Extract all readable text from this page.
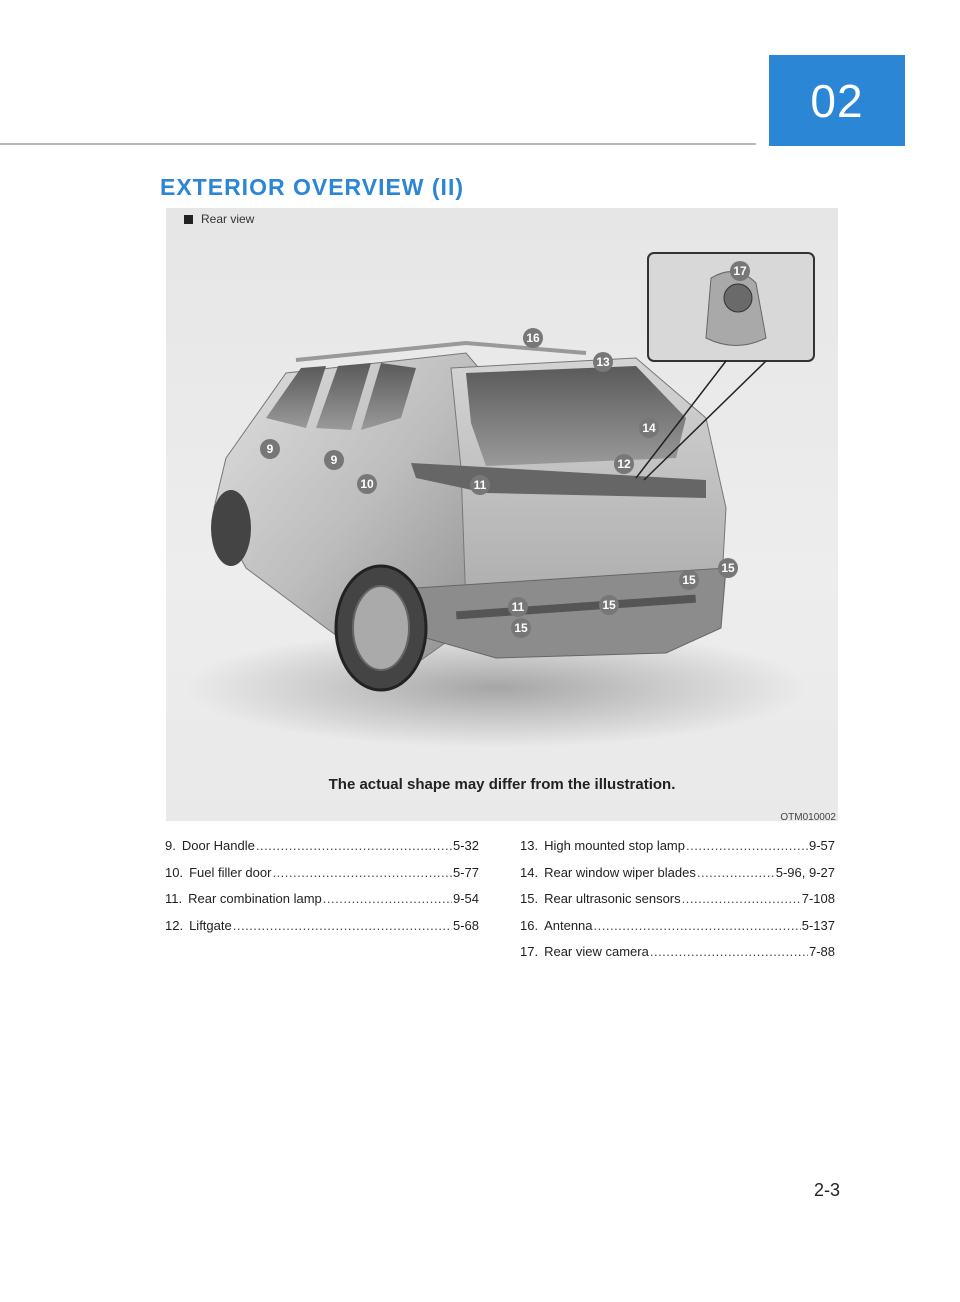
02
EXTERIOR OVERVIEW (II)
Rear view
17
16
13
14
12
9
9
10	11
11
15
15
15
15
The actual shape may differ from the illustration.
OTM010002
9. Door Handle .....	5-32
10. Fuel filler door .....	5-77
11. Rear combination lamp .....	9-54
12. Liftgate .....	5-68
13. High mounted stop lamp .....	9-57
14. Rear window wiper blades .....	5-96, 9-27
15. Rear ultrasonic sensors .....	7-108
16. Antenna .....	5-137
17. Rear view camera .....	7-88
2-3
